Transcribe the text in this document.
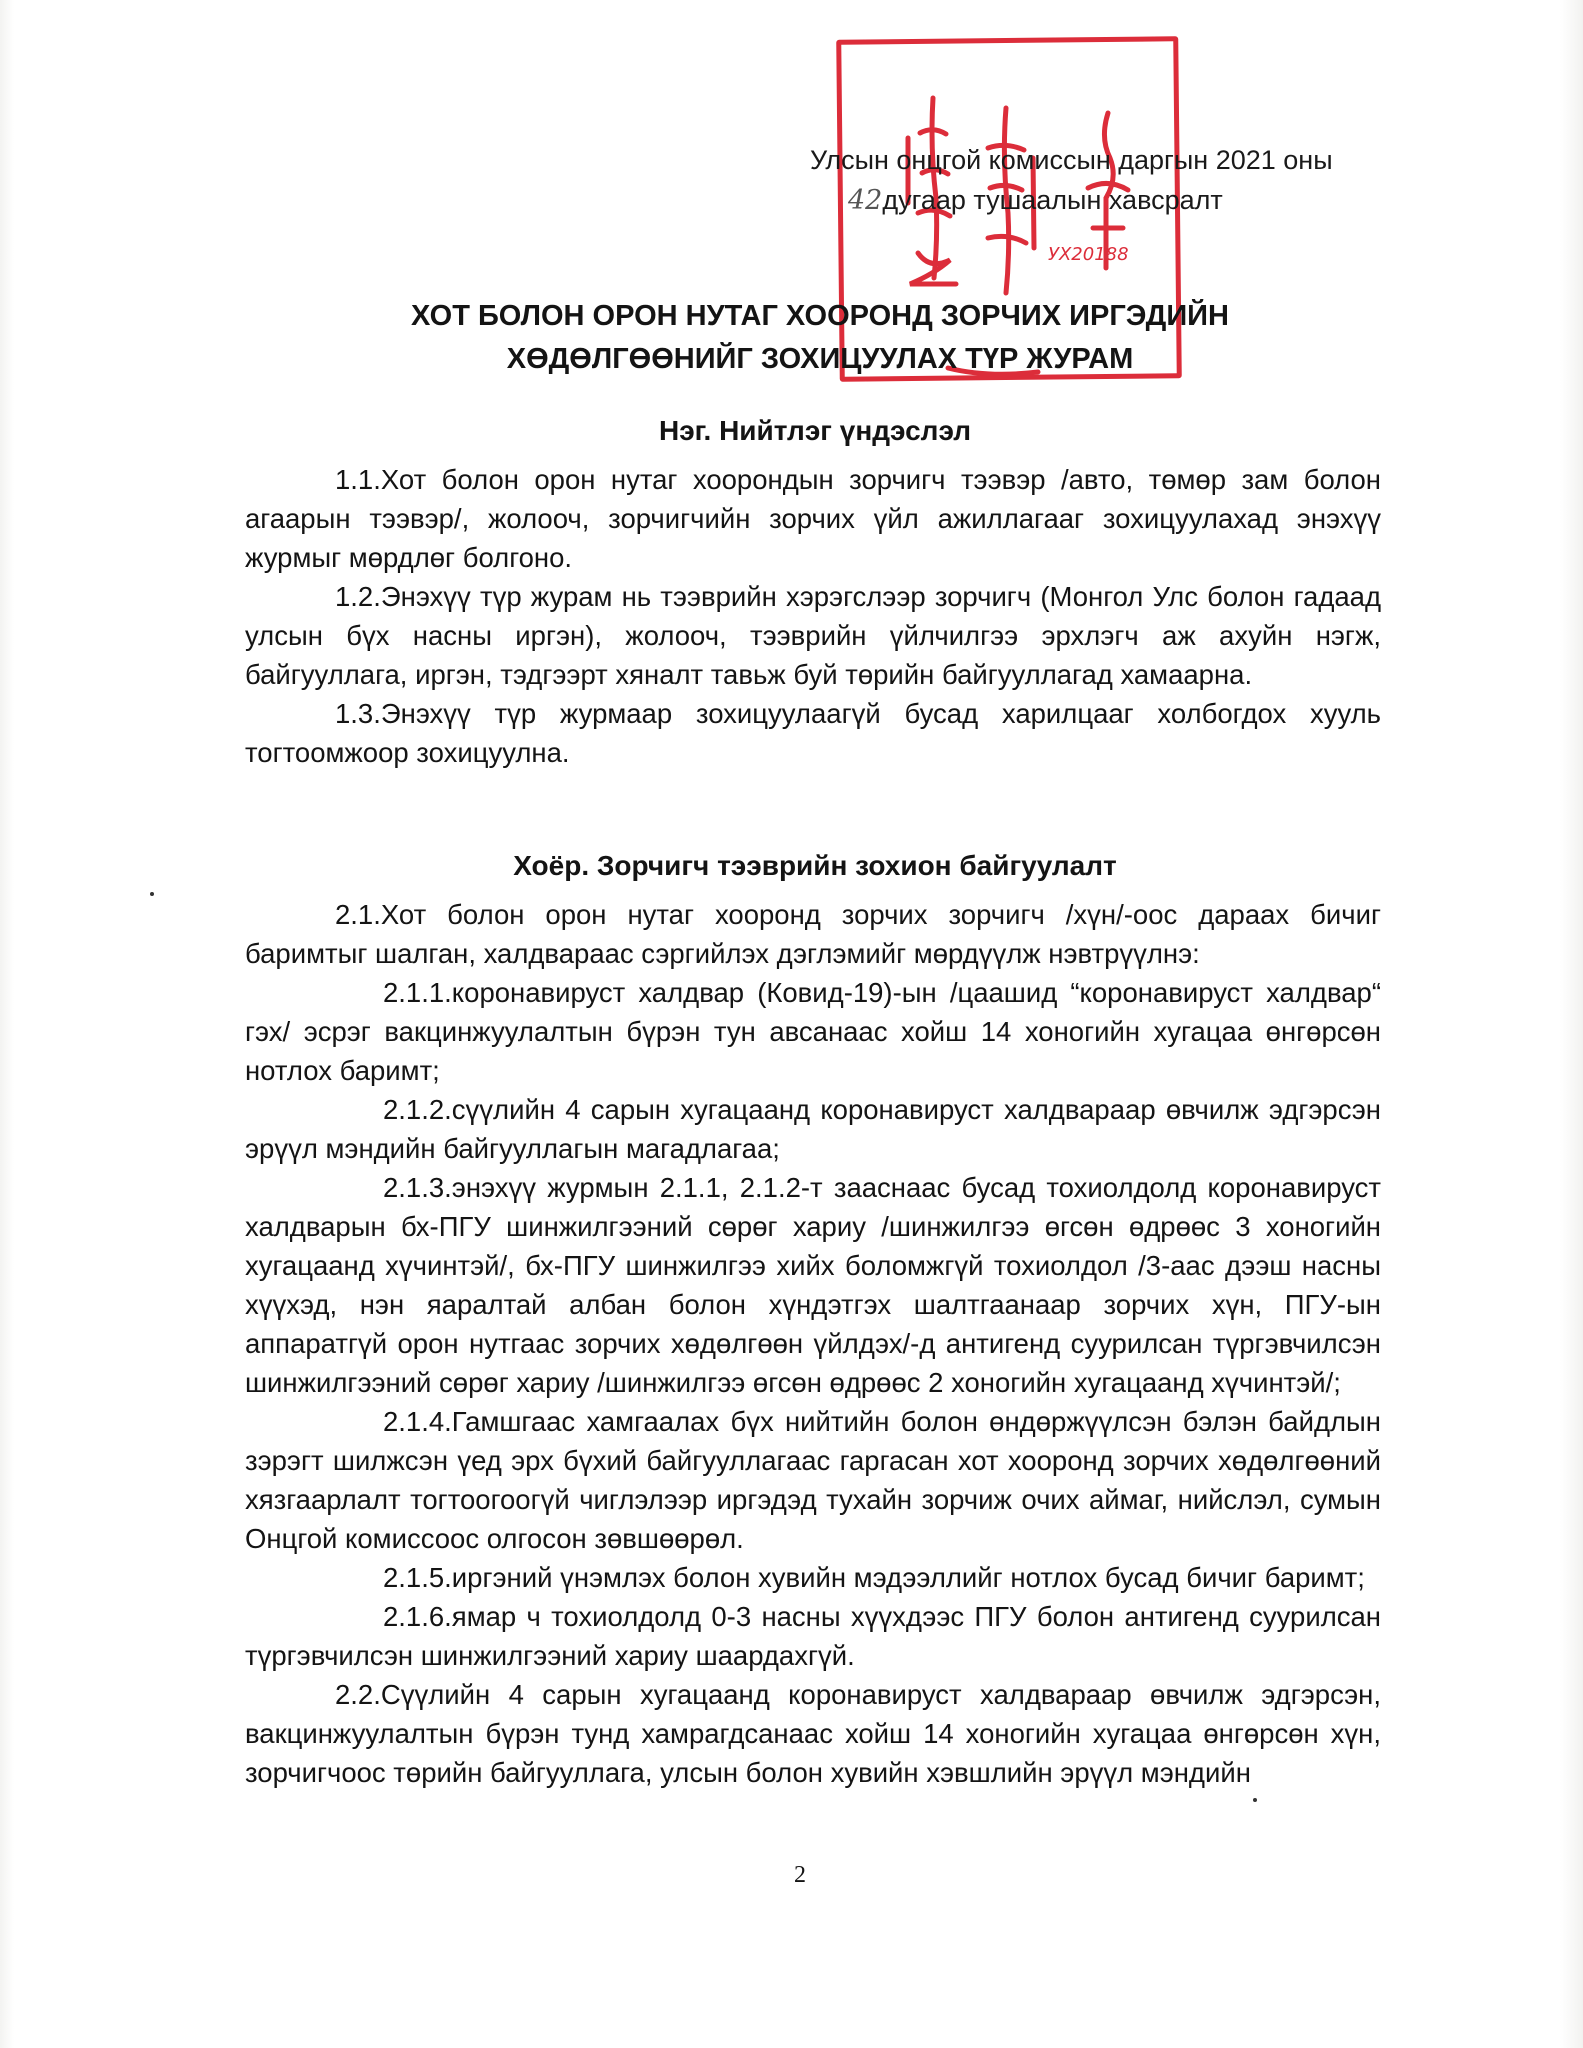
УХ20188
Улсын онцгой комиссын даргын 2021 оны
42дугаар тушаалын хавсралт
ХОТ БОЛОН ОРОН НУТАГ ХООРОНД ЗОРЧИХ ИРГЭДИЙН
ХӨДӨЛГӨӨНИЙГ ЗОХИЦУУЛАХ ТҮР ЖУРАМ
Нэг. Нийтлэг үндэслэл

1.1.Хот болон орон нутаг хоорондын зорчигч тээвэр /авто, төмөр зам болон агаарын тээвэр/, жолооч, зорчигчийн зорчих үйл ажиллагааг зохицуулахад энэхүү журмыг мөрдлөг болгоно.

1.2.Энэхүү түр журам нь тээврийн хэрэгслээр зорчигч (Монгол Улс болон гадаад улсын бүх насны иргэн), жолооч, тээврийн үйлчилгээ эрхлэгч аж ахуйн нэгж, байгууллага, иргэн, тэдгээрт хяналт тавьж буй төрийн байгууллагад хамаарна.

1.3.Энэхүү түр журмаар зохицуулаагүй бусад харилцааг холбогдох хууль тогтоомжоор зохицуулна.

Хоёр. Зорчигч тээврийн зохион байгуулалт

2.1.Хот болон орон нутаг хооронд зорчих зорчигч /хүн/-оос дараах бичиг баримтыг шалган, халдвараас сэргийлэх дэглэмийг мөрдүүлж нэвтрүүлнэ:

2.1.1.коронавируст халдвар (Ковид-19)-ын /цаашид “коронавируст халдвар“ гэх/ эсрэг вакцинжуулалтын бүрэн тун авсанаас хойш 14 хоногийн хугацаа өнгөрсөн нотлох баримт;

2.1.2.сүүлийн 4 сарын хугацаанд коронавируст халдвараар өвчилж эдгэрсэн эрүүл мэндийн байгууллагын магадлагаа;

2.1.3.энэхүү журмын 2.1.1, 2.1.2-т зааснаас бусад тохиолдолд коронавируст халдварын бх-ПГУ шинжилгээний сөрөг хариу /шинжилгээ өгсөн өдрөөс 3 хоногийн хугацаанд хүчинтэй/, бх-ПГУ шинжилгээ хийх боломжгүй тохиолдол /3-аас дээш насны хүүхэд, нэн яаралтай албан болон хүндэтгэх шалтгаанаар зорчих хүн, ПГУ-ын аппаратгүй орон нутгаас зорчих хөдөлгөөн үйлдэх/-д антигенд суурилсан түргэвчилсэн шинжилгээний сөрөг хариу /шинжилгээ өгсөн өдрөөс 2 хоногийн хугацаанд хүчинтэй/;

2.1.4.Гамшгаас хамгаалах бүх нийтийн болон өндөржүүлсэн бэлэн байдлын зэрэгт шилжсэн үед эрх бүхий байгууллагаас гаргасан хот хооронд зорчих хөдөлгөөний хязгаарлалт тогтоогоогүй чиглэлээр иргэдэд тухайн зорчиж очих аймаг, нийслэл, сумын Онцгой комиссоос олгосон зөвшөөрөл.

2.1.5.иргэний үнэмлэх болон хувийн мэдээллийг нотлох бусад бичиг баримт;

2.1.6.ямар ч тохиолдолд 0-3 насны хүүхдээс ПГУ болон антигенд суурилсан түргэвчилсэн шинжилгээний хариу шаардахгүй.

2.2.Сүүлийн 4 сарын хугацаанд коронавируст халдвараар өвчилж эдгэрсэн, вакцинжуулалтын бүрэн тунд хамрагдсанаас хойш 14 хоногийн хугацаа өнгөрсөн хүн, зорчигчоос төрийн байгууллага, улсын болон хувийн хэвшлийн эрүүл мэндийн

2
